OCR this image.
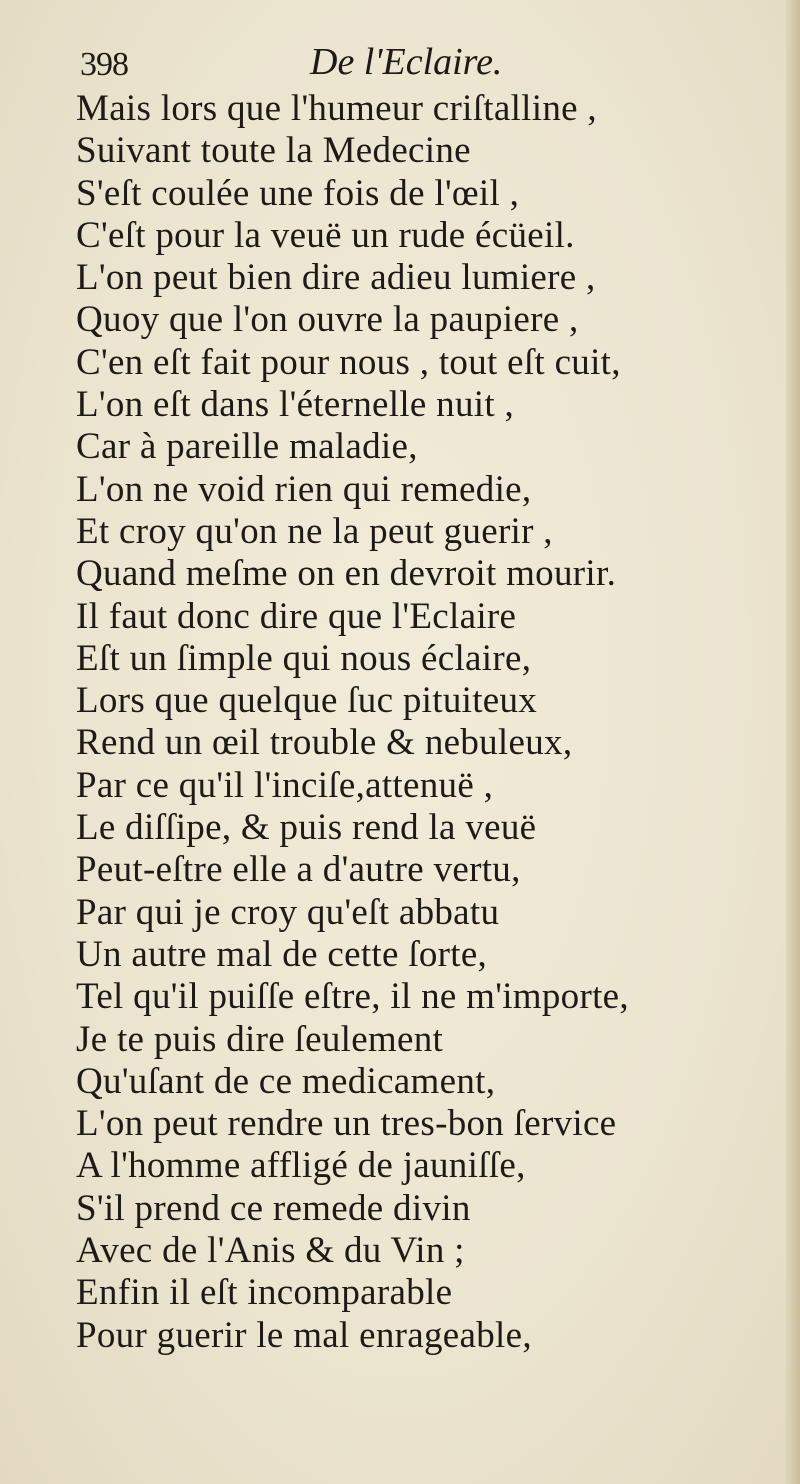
398	De l'Eclaire.
Mais lors que l'humeur criſtalline ,
Suivant toute la Medecine
S'eſt coulée une fois de l'œil ,
C'eſt pour la veuë un rude écüeil.
L'on peut bien dire adieu lumiere ,
Quoy que l'on ouvre la paupiere ,
C'en eſt fait pour nous , tout eſt cuit,
L'on eſt dans l'éternelle nuit ,
Car à pareille maladie,
L'on ne void rien qui remedie,
Et croy qu'on ne la peut guerir ,
Quand meſme on en devroit mourir.
Il faut donc dire que l'Eclaire
Eſt un ſimple qui nous éclaire,
Lors que quelque ſuc pituiteux
Rend un œil trouble & nebuleux,
Par ce qu'il l'inciſe,attenuë ,
Le diſſipe, & puis rend la veuë
Peut-eſtre elle a d'autre vertu,
Par qui je croy qu'eſt abbatu
Un autre mal de cette ſorte,
Tel qu'il puiſſe eſtre, il ne m'importe,
Je te puis dire ſeulement
Qu'uſant de ce medicament,
L'on peut rendre un tres-bon ſervice
A l'homme affligé de jauniſſe,
S'il prend ce remede divin
Avec de l'Anis & du Vin ;
Enfin il eſt incomparable
Pour guerir le mal enrageable,
